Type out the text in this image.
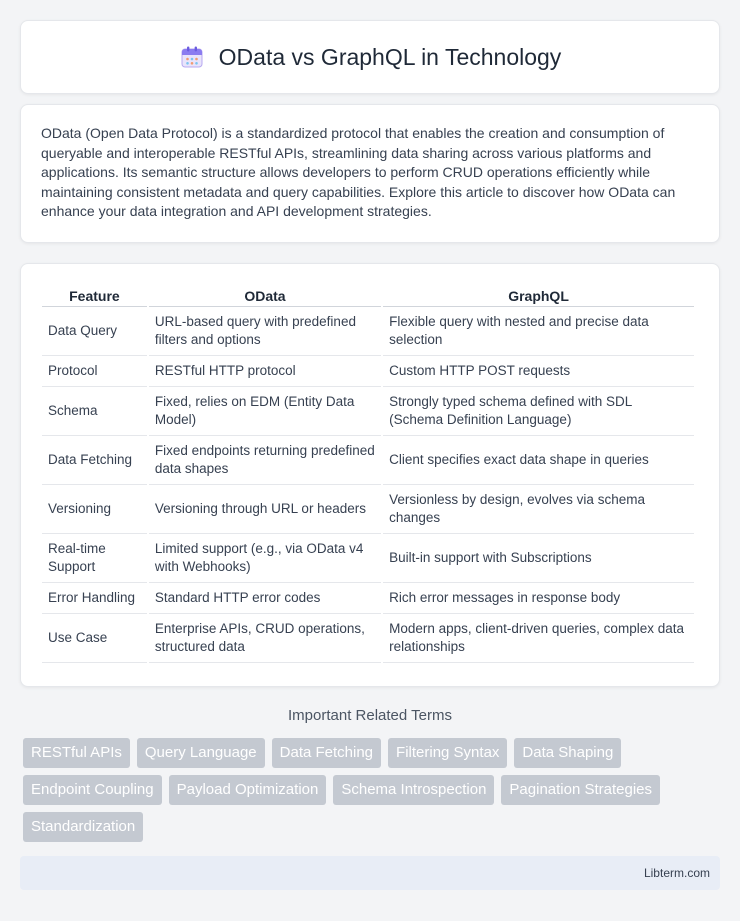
OData vs GraphQL in Technology

OData (Open Data Protocol) is a standardized protocol that enables the creation and consumption of queryable and interoperable RESTful APIs, streamlining data sharing across various platforms and applications. Its semantic structure allows developers to perform CRUD operations efficiently while maintaining consistent metadata and query capabilities. Explore this article to discover how OData can enhance your data integration and API development strategies.

Feature	OData	GraphQL
Data Query	URL-based query with predefined filters and options	Flexible query with nested and precise data selection
Protocol	RESTful HTTP protocol	Custom HTTP POST requests
Schema	Fixed, relies on EDM (Entity Data Model)	Strongly typed schema defined with SDL (Schema Definition Language)
Data Fetching	Fixed endpoints returning predefined data shapes	Client specifies exact data shape in queries
Versioning	Versioning through URL or headers	Versionless by design, evolves via schema changes
Real-time Support	Limited support (e.g., via OData v4 with Webhooks)	Built-in support with Subscriptions
Error Handling	Standard HTTP error codes	Rich error messages in response body
Use Case	Enterprise APIs, CRUD operations, structured data	Modern apps, client-driven queries, complex data relationships
Important Related Terms
RESTful APIs	Query Language	Data Fetching	Filtering Syntax	Data Shaping
Endpoint Coupling	Payload Optimization	Schema Introspection	Pagination Strategies
Standardization
Libterm.com
